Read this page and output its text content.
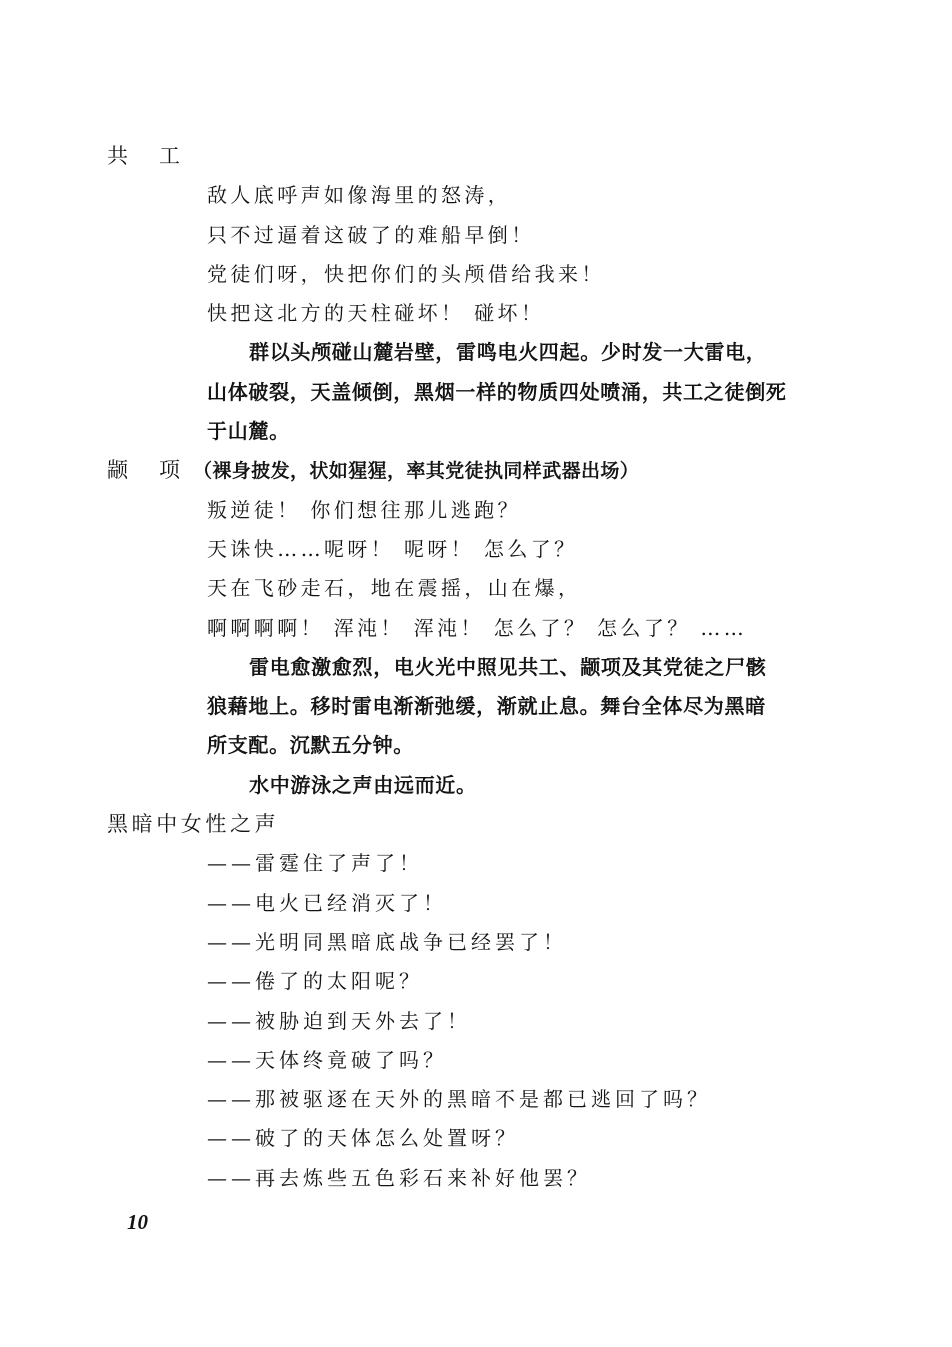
共　工
敌人底呼声如像海里的怒涛，
只不过逼着这破了的难船早倒！
党徒们呀，快把你们的头颅借给我来！
快把这北方的天柱碰坏！ 碰坏！
群以头颅碰山麓岩壁，雷鸣电火四起。少时发一大雷电，
山体破裂，天盖倾倒，黑烟一样的物质四处喷涌，共工之徒倒死
于山麓。
颛　项 （裸身披发，状如猩猩，率其党徒执同样武器出场）
叛逆徒！ 你们想往那儿逃跑？
天诛快……呢呀！ 呢呀！ 怎么了？
天在飞砂走石，地在震摇，山在爆，
啊啊啊啊！ 浑沌！ 浑沌！ 怎么了？ 怎么了？ ……
雷电愈激愈烈，电火光中照见共工、颛项及其党徒之尸骸
狼藉地上。移时雷电渐渐弛缓，渐就止息。舞台全体尽为黑暗
所支配。沉默五分钟。
水中游泳之声由远而近。
黑暗中女性之声
——雷霆住了声了！
——电火已经消灭了！
——光明同黑暗底战争已经罢了！
——倦了的太阳呢？
——被胁迫到天外去了！
——天体终竟破了吗？
——那被驱逐在天外的黑暗不是都已逃回了吗？
——破了的天体怎么处置呀？
——再去炼些五色彩石来补好他罢？
10
